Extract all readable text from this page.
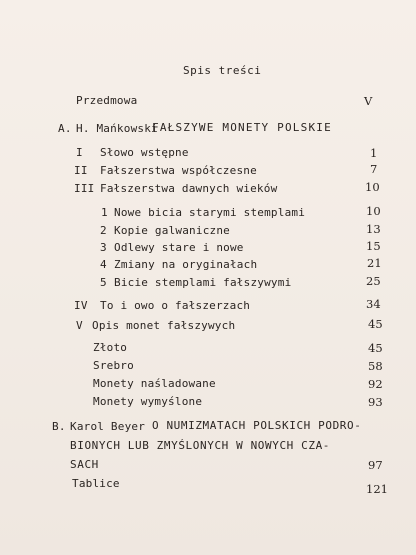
Spis treści
Przedmowa	V
A. H. Mańkowski
FAŁSZYWE MONETY POLSKIE
I Słowo wstępne	1
II Fałszerstwa współczesne	7
III Fałszerstwa dawnych wieków	10
1 Nowe bicia starymi stemplami	10
2 Kopie galwaniczne	13
3 Odlewy stare i nowe	15
4 Zmiany na oryginałach	21
5 Bicie stemplami fałszywymi	25
IV To i owo o fałszerzach	34
V Opis monet fałszywych	45
Złoto	45
Srebro	58
Monety naśladowane	92
Monety wymyślone	93
B. Karol Beyer O NUMIZMATACH POLSKICH PODRO-
BIONYCH LUB ZMYŚLONYCH W NOWYCH CZA-
SACH	97
Tablice	121
